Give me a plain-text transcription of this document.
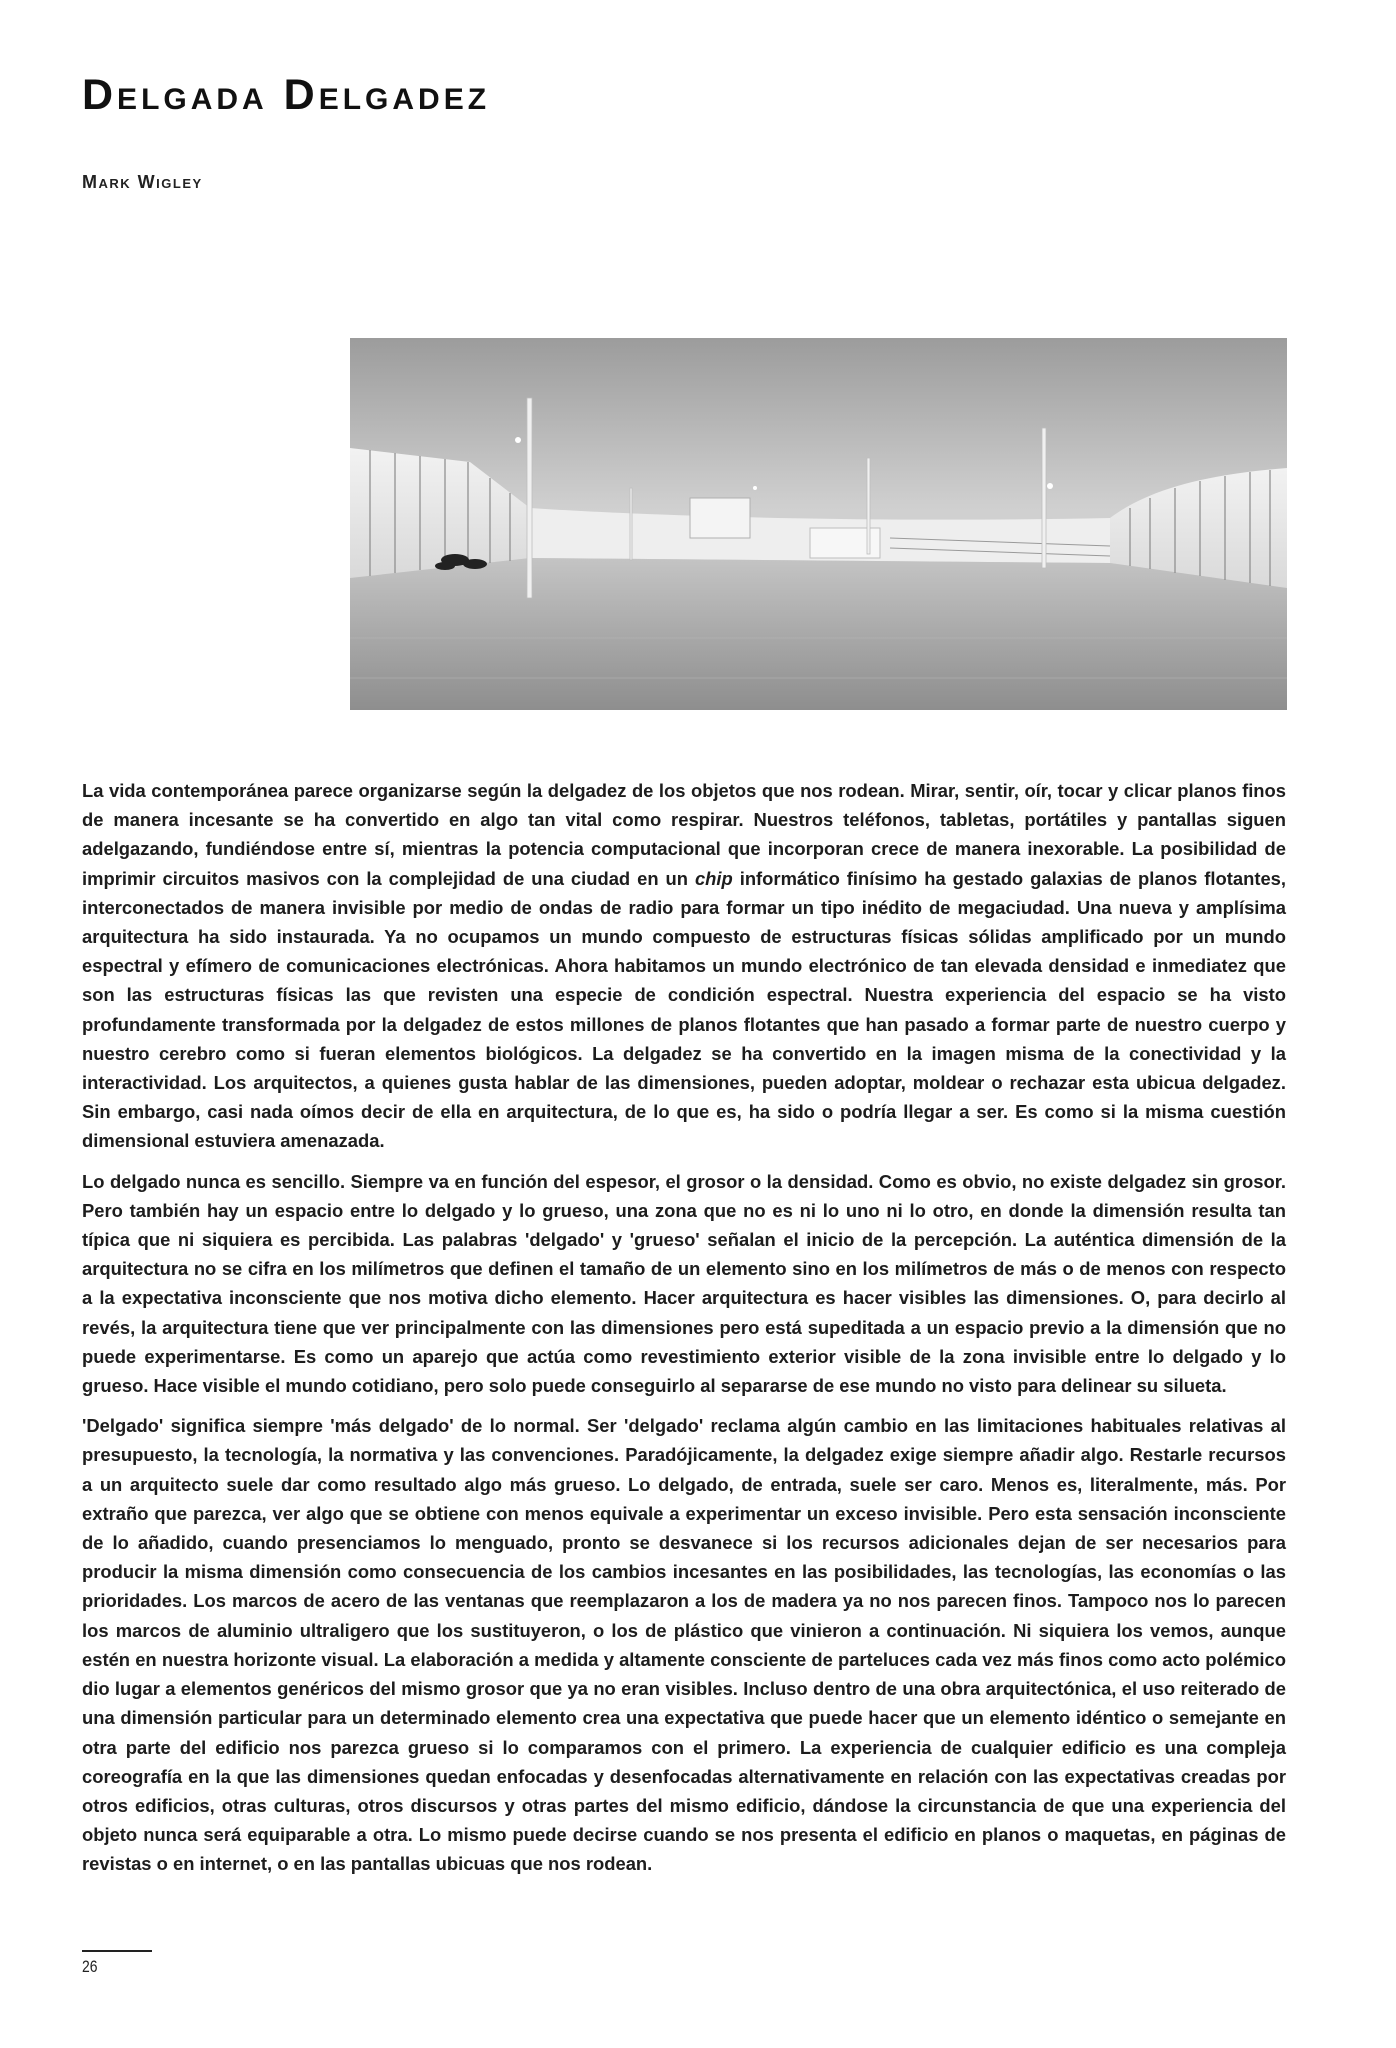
Delgada Delgadez
Mark Wigley

La vida contemporánea parece organizarse según la delgadez de los objetos que nos rodean. Mirar, sentir, oír, tocar y clicar planos finos de manera incesante se ha convertido en algo tan vital como respirar. Nuestros teléfonos, tabletas, portátiles y pantallas siguen adelgazando, fundiéndose entre sí, mientras la potencia computacional que incorporan crece de manera inexorable. La posibilidad de imprimir circuitos masivos con la complejidad de una ciudad en un chip informático finísimo ha gestado galaxias de planos flotantes, interconectados de manera invisible por medio de ondas de radio para formar un tipo inédito de megaciudad. Una nueva y amplísima arquitectura ha sido instaurada. Ya no ocupamos un mundo compuesto de estructuras físicas sólidas amplificado por un mundo espectral y efímero de comunicaciones electrónicas. Ahora habitamos un mundo electrónico de tan elevada densidad e inmediatez que son las estructuras físicas las que revisten una especie de condición espectral. Nuestra experiencia del espacio se ha visto profundamente transformada por la delgadez de estos millones de planos flotantes que han pasado a formar parte de nuestro cuerpo y nuestro cerebro como si fueran elementos biológicos. La delgadez se ha convertido en la imagen misma de la conectividad y la interactividad. Los arquitectos, a quienes gusta hablar de las dimensiones, pueden adoptar, moldear o rechazar esta ubicua delgadez. Sin embargo, casi nada oímos decir de ella en arquitectura, de lo que es, ha sido o podría llegar a ser. Es como si la misma cuestión dimensional estuviera amenazada.

Lo delgado nunca es sencillo. Siempre va en función del espesor, el grosor o la densidad. Como es obvio, no existe delgadez sin grosor. Pero también hay un espacio entre lo delgado y lo grueso, una zona que no es ni lo uno ni lo otro, en donde la dimensión resulta tan típica que ni siquiera es percibida. Las palabras 'delgado' y 'grueso' señalan el inicio de la percepción. La auténtica dimensión de la arquitectura no se cifra en los milímetros que definen el tamaño de un elemento sino en los milímetros de más o de menos con respecto a la expectativa inconsciente que nos motiva dicho elemento. Hacer arquitectura es hacer visibles las dimensiones. O, para decirlo al revés, la arquitectura tiene que ver principalmente con las dimensiones pero está supeditada a un espacio previo a la dimensión que no puede experimentarse. Es como un aparejo que actúa como revestimiento exterior visible de la zona invisible entre lo delgado y lo grueso. Hace visible el mundo cotidiano, pero solo puede conseguirlo al separarse de ese mundo no visto para delinear su silueta.

'Delgado' significa siempre 'más delgado' de lo normal. Ser 'delgado' reclama algún cambio en las limitaciones habituales relativas al presupuesto, la tecnología, la normativa y las convenciones. Paradójicamente, la delgadez exige siempre añadir algo. Restarle recursos a un arquitecto suele dar como resultado algo más grueso. Lo delgado, de entrada, suele ser caro. Menos es, literalmente, más. Por extraño que parezca, ver algo que se obtiene con menos equivale a experimentar un exceso invisible. Pero esta sensación inconsciente de lo añadido, cuando presenciamos lo menguado, pronto se desvanece si los recursos adicionales dejan de ser necesarios para producir la misma dimensión como consecuencia de los cambios incesantes en las posibilidades, las tecnologías, las economías o las prioridades. Los marcos de acero de las ventanas que reemplazaron a los de madera ya no nos parecen finos. Tampoco nos lo parecen los marcos de aluminio ultraligero que los sustituyeron, o los de plástico que vinieron a continuación. Ni siquiera los vemos, aunque estén en nuestra horizonte visual. La elaboración a medida y altamente consciente de parteluces cada vez más finos como acto polémico dio lugar a elementos genéricos del mismo grosor que ya no eran visibles. Incluso dentro de una obra arquitectónica, el uso reiterado de una dimensión particular para un determinado elemento crea una expectativa que puede hacer que un elemento idéntico o semejante en otra parte del edificio nos parezca grueso si lo comparamos con el primero. La experiencia de cualquier edificio es una compleja coreografía en la que las dimensiones quedan enfocadas y desenfocadas alternativamente en relación con las expectativas creadas por otros edificios, otras culturas, otros discursos y otras partes del mismo edificio, dándose la circunstancia de que una experiencia del objeto nunca será equiparable a otra. Lo mismo puede decirse cuando se nos presenta el edificio en planos o maquetas, en páginas de revistas o en internet, o en las pantallas ubicuas que nos rodean.

26
